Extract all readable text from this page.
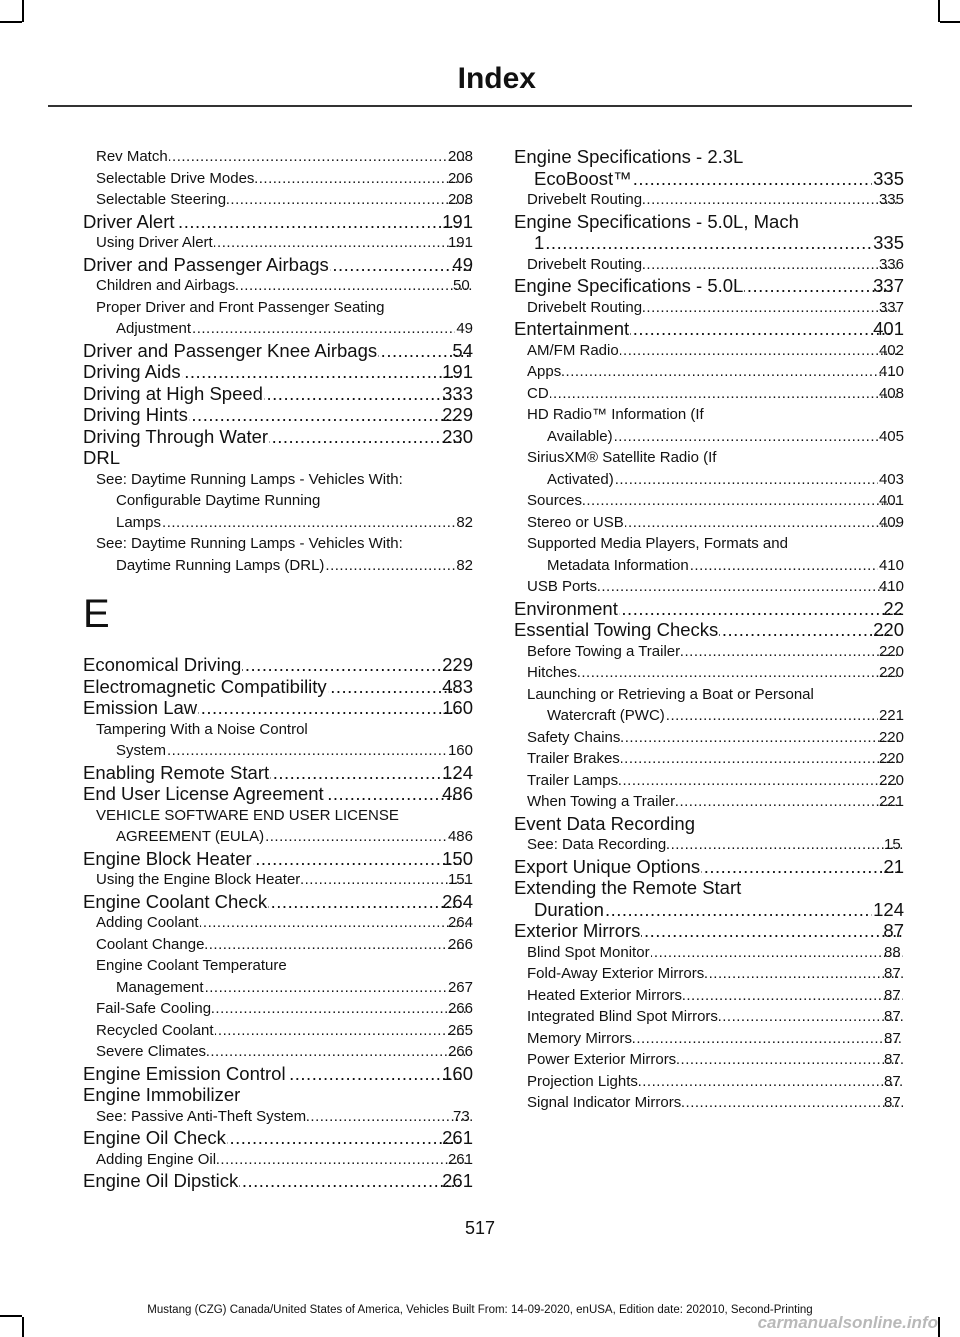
Index
Rev Match .....	208
Selectable Drive Modes .....	206
Selectable Steering .....	208
Driver Alert .....	191
Using Driver Alert .....	191
Driver and Passenger Airbags .....	49
Children and Airbags .....	50
Proper Driver and Front Passenger Seating
Adjustment .....	49
Driver and Passenger Knee Airbags .....	54
Driving Aids .....	191
Driving at High Speed .....	333
Driving Hints .....	229
Driving Through Water .....	230
DRL
See: Daytime Running Lamps - Vehicles With: Configurable Daytime Running
Lamps .....	82
See: Daytime Running Lamps - Vehicles With:
Daytime Running Lamps (DRL) .....	82
E
Economical Driving .....	229
Electromagnetic Compatibility .....	483
Emission Law .....	160
Tampering With a Noise Control
System .....	160
Enabling Remote Start .....	124
End User License Agreement .....	486
VEHICLE SOFTWARE END USER LICENSE
AGREEMENT (EULA) .....	486
Engine Block Heater .....	150
Using the Engine Block Heater .....	151
Engine Coolant Check .....	264
Adding Coolant .....	264
Coolant Change .....	266
Engine Coolant Temperature
Management .....	267
Fail-Safe Cooling .....	266
Recycled Coolant .....	265
Severe Climates .....	266
Engine Emission Control .....	160
Engine Immobilizer
See: Passive Anti-Theft System .....	73
Engine Oil Check .....	261
Adding Engine Oil .....	261
Engine Oil Dipstick .....	261
Engine Specifications - 2.3L
EcoBoost™ .....	335
Drivebelt Routing .....	335
Engine Specifications - 5.0L, Mach
1 .....	335
Drivebelt Routing .....	336
Engine Specifications - 5.0L .....	337
Drivebelt Routing .....	337
Entertainment .....	401
AM/FM Radio .....	402
Apps .....	410
CD .....	408
HD Radio™ Information (If
Available) .....	405
SiriusXM® Satellite Radio (If
Activated) .....	403
Sources .....	401
Stereo or USB .....	409
Supported Media Players, Formats and
Metadata Information .....	410
USB Ports .....	410
Environment .....	22
Essential Towing Checks .....	220
Before Towing a Trailer .....	220
Hitches .....	220
Launching or Retrieving a Boat or Personal
Watercraft (PWC) .....	221
Safety Chains .....	220
Trailer Brakes .....	220
Trailer Lamps .....	220
When Towing a Trailer .....	221
Event Data Recording
See: Data Recording .....	15
Export Unique Options .....	21
Extending the Remote Start
Duration .....	124
Exterior Mirrors .....	87
Blind Spot Monitor .....	88
Fold-Away Exterior Mirrors .....	87
Heated Exterior Mirrors .....	87
Integrated Blind Spot Mirrors .....	87
Memory Mirrors .....	87
Power Exterior Mirrors .....	87
Projection Lights .....	87
Signal Indicator Mirrors .....	87
517
Mustang (CZG) Canada/United States of America, Vehicles Built From: 14-09-2020, enUSA, Edition date: 202010, Second-Printing
carmanualsonline.info
